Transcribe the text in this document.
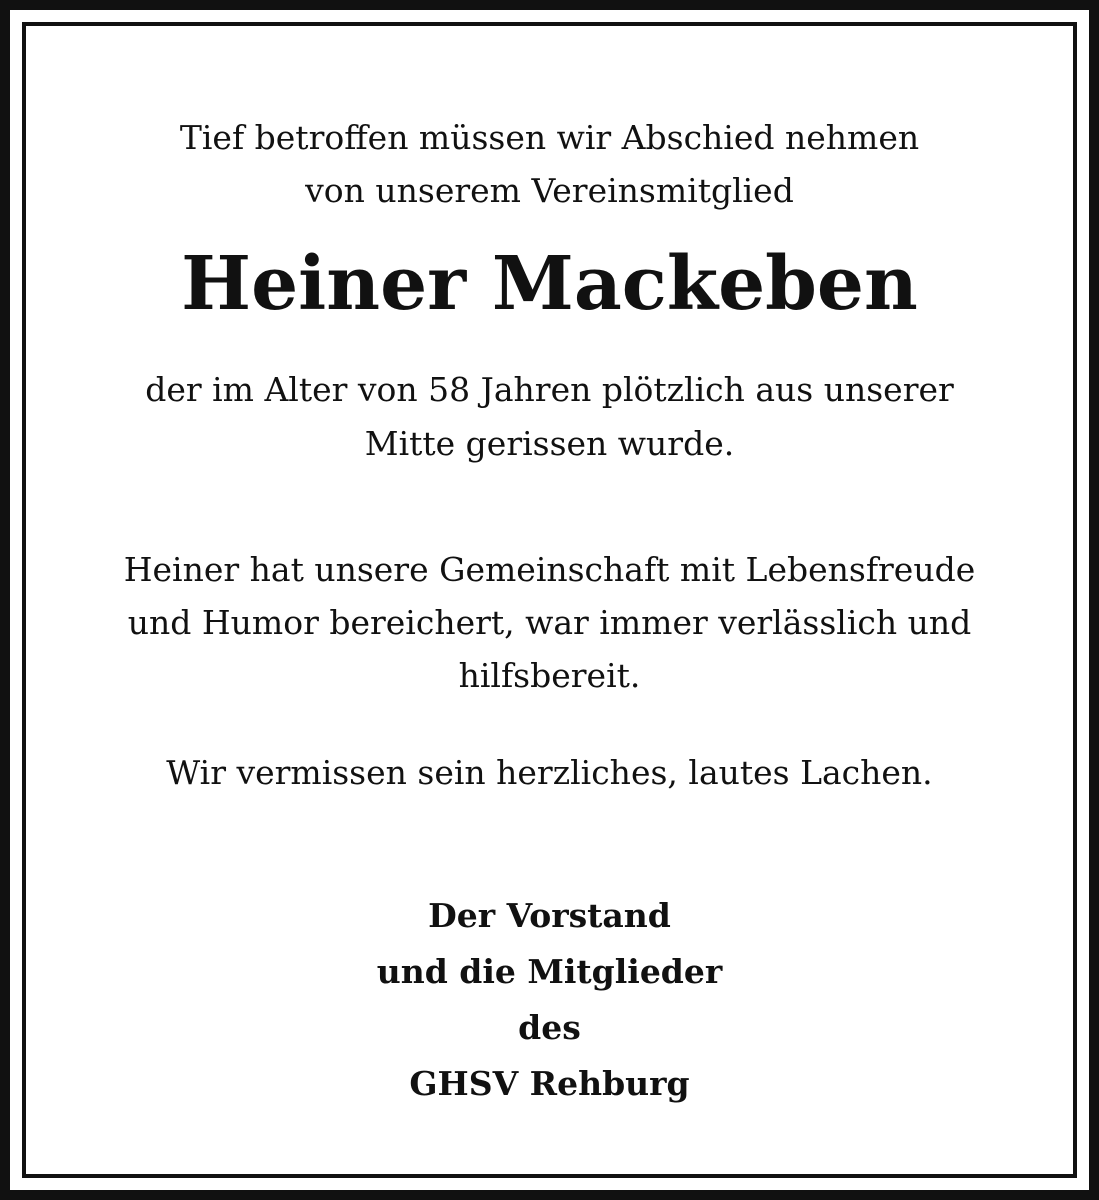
Tief betroffen müssen wir Abschied nehmen
von unserem Vereinsmitglied
Heiner Mackeben
der im Alter von 58 Jahren plötzlich aus unserer
Mitte gerissen wurde.
Heiner hat unsere Gemeinschaft mit Lebensfreude
und Humor bereichert, war immer verlässlich und
hilfsbereit.
Wir vermissen sein herzliches, lautes Lachen.
Der Vorstand
und die Mitglieder
des
GHSV Rehburg
